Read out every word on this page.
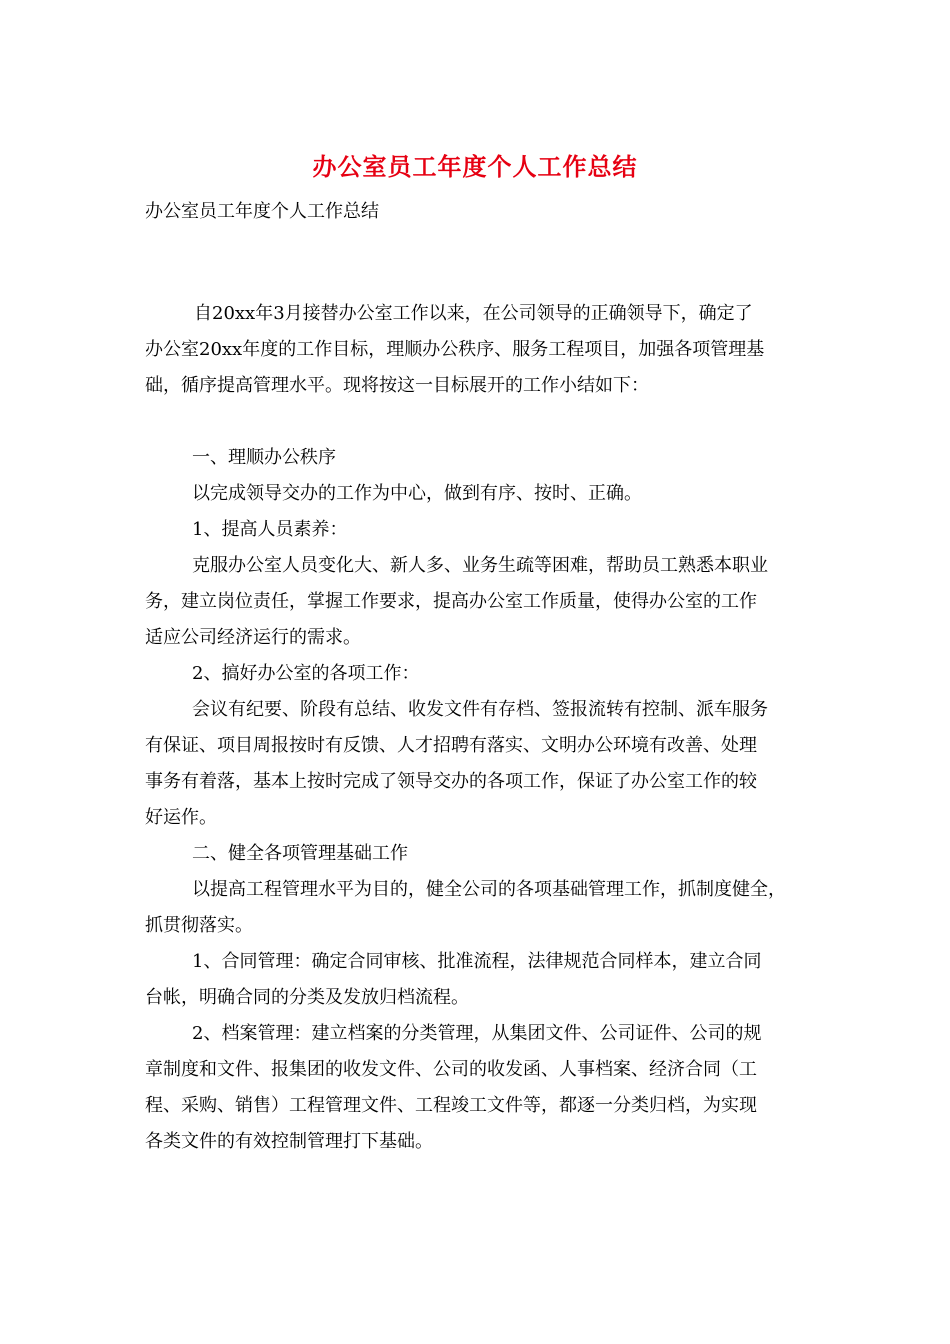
办公室员工年度个人工作总结
办公室员工年度个人工作总结
自20xx年3月接替办公室工作以来，在公司领导的正确领导下，确定了
办公室20xx年度的工作目标，理顺办公秩序、服务工程项目，加强各项管理基
础，循序提高管理水平。现将按这一目标展开的工作小结如下：
一、理顺办公秩序
以完成领导交办的工作为中心，做到有序、按时、正确。
1、提高人员素养：
克服办公室人员变化大、新人多、业务生疏等困难，帮助员工熟悉本职业
务，建立岗位责任，掌握工作要求，提高办公室工作质量，使得办公室的工作
适应公司经济运行的需求。
2、搞好办公室的各项工作：
会议有纪要、阶段有总结、收发文件有存档、签报流转有控制、派车服务
有保证、项目周报按时有反馈、人才招聘有落实、文明办公环境有改善、处理
事务有着落，基本上按时完成了领导交办的各项工作，保证了办公室工作的较
好运作。
二、健全各项管理基础工作
以提高工程管理水平为目的，健全公司的各项基础管理工作，抓制度健全，
抓贯彻落实。
1、合同管理：确定合同审核、批准流程，法律规范合同样本，建立合同
台帐，明确合同的分类及发放归档流程。
2、档案管理：建立档案的分类管理，从集团文件、公司证件、公司的规
章制度和文件、报集团的收发文件、公司的收发函、人事档案、经济合同（工
程、采购、销售）工程管理文件、工程竣工文件等，都逐一分类归档，为实现
各类文件的有效控制管理打下基础。
